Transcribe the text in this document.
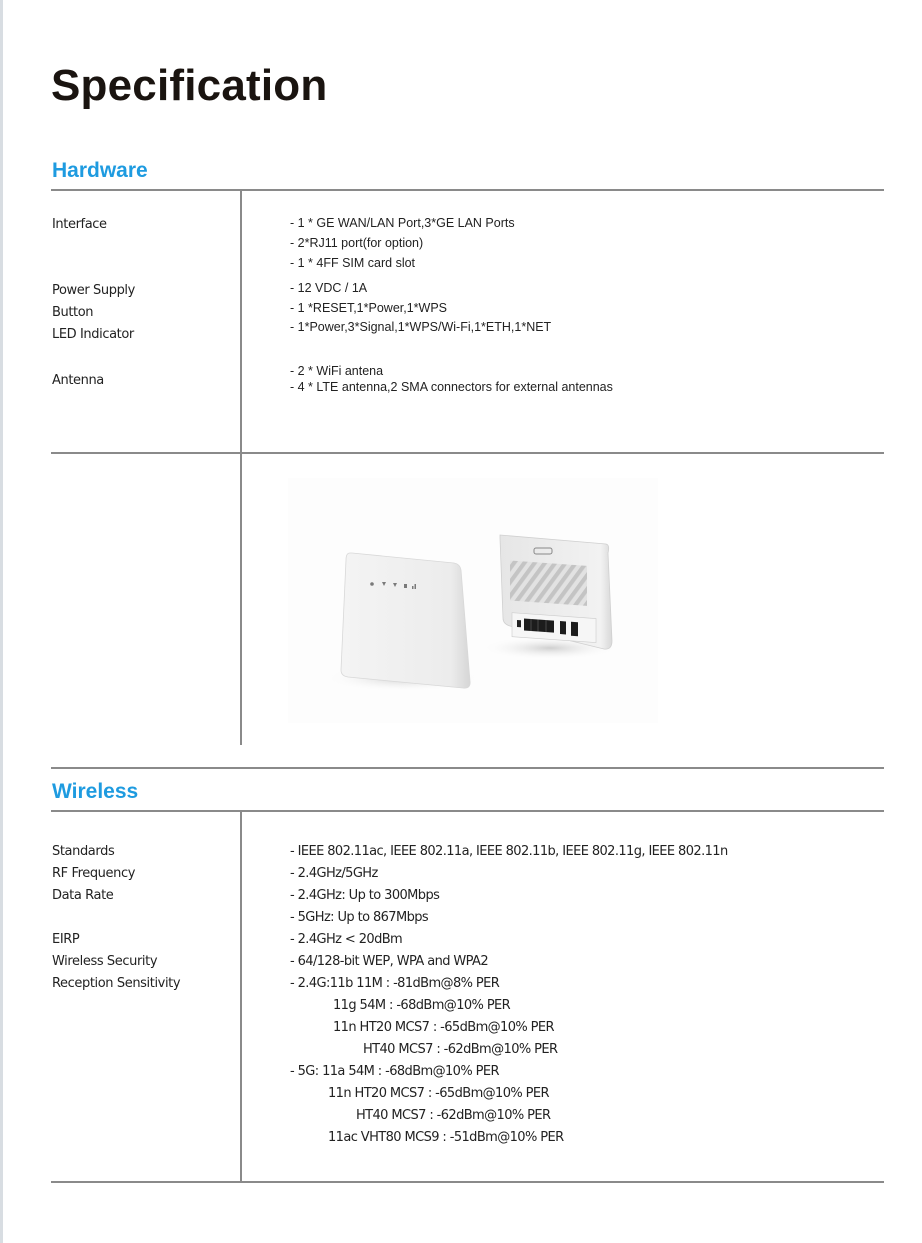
Specification
Hardware
Interface
Power Supply
Button
LED Indicator
Antenna
- 1 * GE WAN/LAN Port,3*GE LAN Ports
- 2*RJ11 port(for option)
- 1 * 4FF SIM card slot
- 12 VDC / 1A
- 1 *RESET,1*Power,1*WPS
- 1*Power,3*Signal,1*WPS/Wi-Fi,1*ETH,1*NET
- 2 * WiFi antena
- 4 * LTE antenna,2 SMA connectors for external antennas
Wireless
Standards
RF Frequency
Data Rate
EIRP
Wireless Security
Reception Sensitivity
- IEEE 802.11ac, IEEE 802.11a, IEEE 802.11b, IEEE 802.11g, IEEE 802.11n
- 2.4GHz/5GHz
- 2.4GHz: Up to 300Mbps
- 5GHz: Up to 867Mbps
- 2.4GHz < 20dBm
- 64/128-bit WEP, WPA and WPA2
- 2.4G:11b 11M : -81dBm@8% PER
11g 54M : -68dBm@10% PER
11n HT20 MCS7 : -65dBm@10% PER
HT40 MCS7 : -62dBm@10% PER
- 5G: 11a 54M : -68dBm@10% PER
11n HT20 MCS7 : -65dBm@10% PER
HT40 MCS7 : -62dBm@10% PER
11ac VHT80 MCS9 : -51dBm@10% PER
